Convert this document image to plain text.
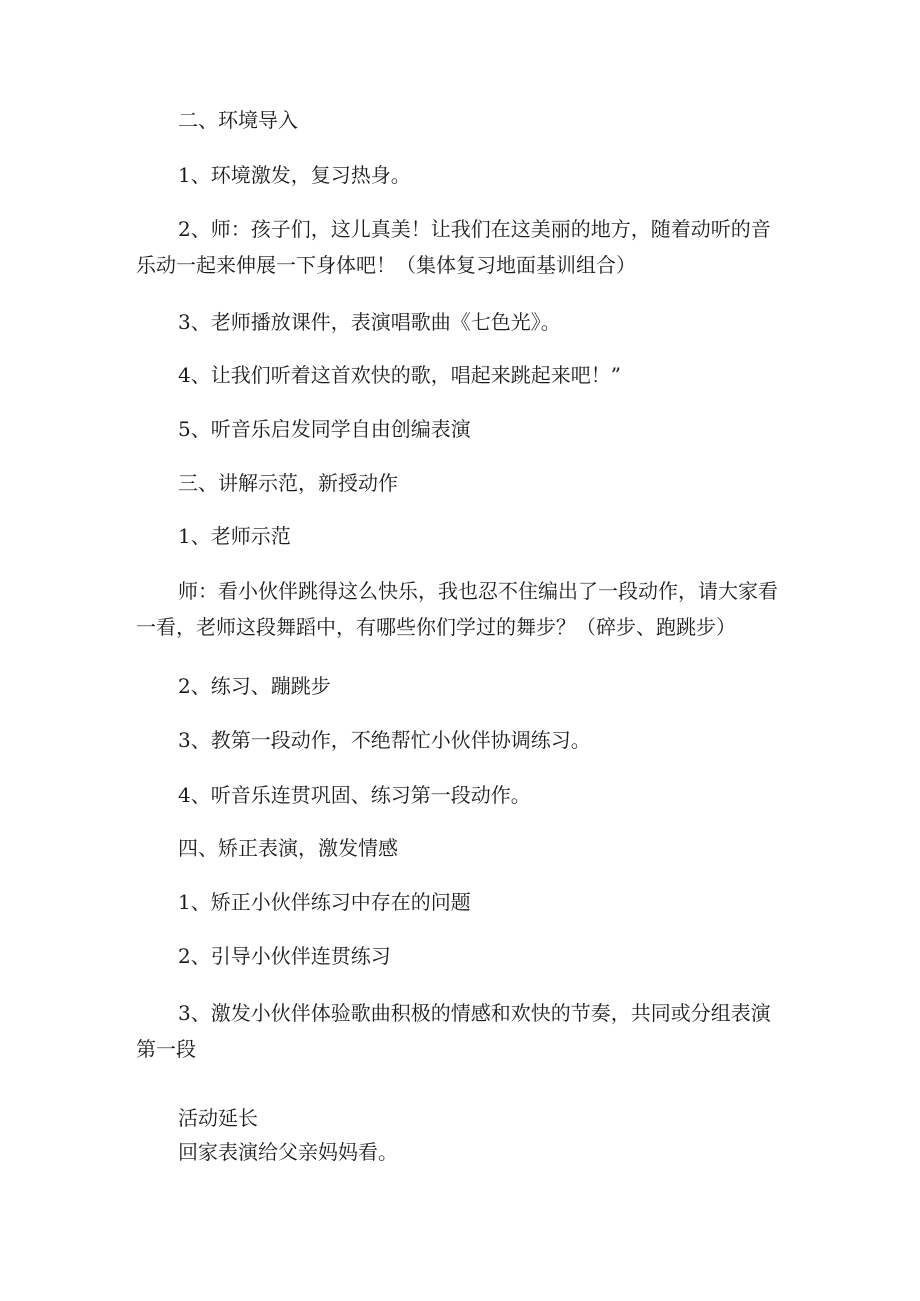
二、环境导入
1、环境激发，复习热身。
2、师：孩子们，这儿真美！让我们在这美丽的地方，随着动听的音乐动一起来伸展一下身体吧！（集体复习地面基训组合）
3、老师播放课件，表演唱歌曲《七色光》。
4、让我们听着这首欢快的歌，唱起来跳起来吧！”
5、听音乐启发同学自由创编表演
三、讲解示范，新授动作
1、老师示范
师：看小伙伴跳得这么快乐，我也忍不住编出了一段动作，请大家看一看，老师这段舞蹈中，有哪些你们学过的舞步？（碎步、跑跳步）
2、练习、蹦跳步
3、教第一段动作，不绝帮忙小伙伴协调练习。
4、听音乐连贯巩固、练习第一段动作。
四、矫正表演，激发情感
1、矫正小伙伴练习中存在的问题
2、引导小伙伴连贯练习
3、激发小伙伴体验歌曲积极的情感和欢快的节奏，共同或分组表演第一段
活动延长
回家表演给父亲妈妈看。
